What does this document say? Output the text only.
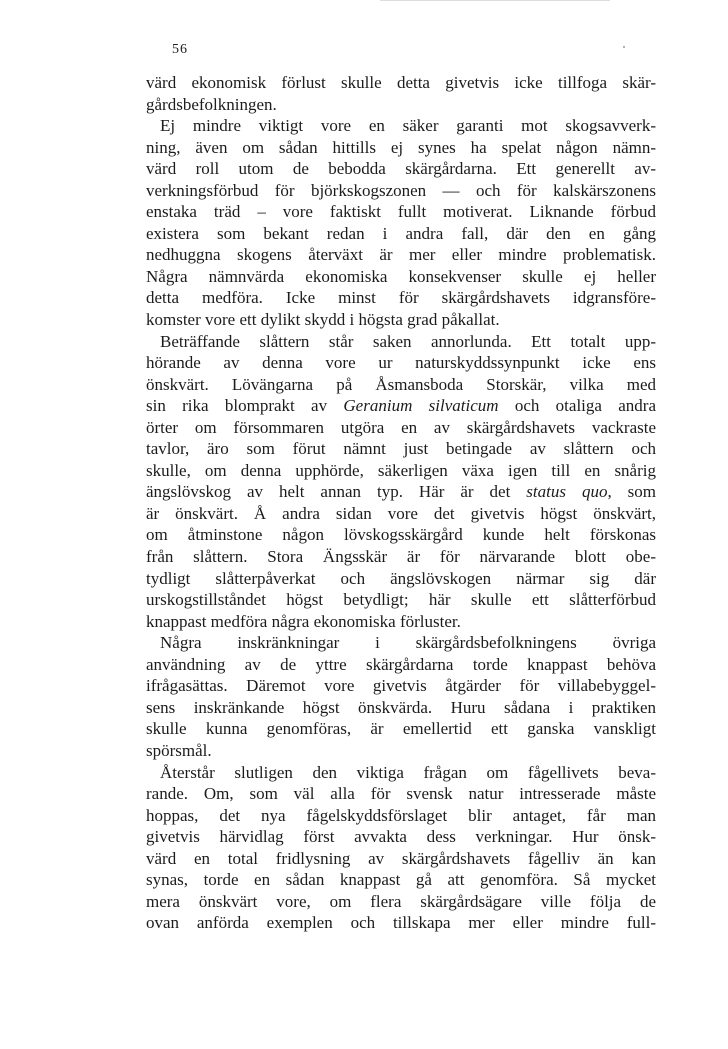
56
värd ekonomisk förlust skulle detta givetvis icke tillfoga skär-
gårdsbefolkningen.
Ej mindre viktigt vore en säker garanti mot skogsavverk-
ning, även om sådan hittills ej synes ha spelat någon nämn-
värd roll utom de bebodda skärgårdarna. Ett generellt av-
verkningsförbud för björkskogszonen — och för kalskärszonens
enstaka träd – vore faktiskt fullt motiverat. Liknande förbud
existera som bekant redan i andra fall, där den en gång
nedhuggna skogens återväxt är mer eller mindre problematisk.
Några nämnvärda ekonomiska konsekvenser skulle ej heller
detta medföra. Icke minst för skärgårdshavets idgransföre-
komster vore ett dylikt skydd i högsta grad påkallat.
Beträffande slåttern står saken annorlunda. Ett totalt upp-
hörande av denna vore ur naturskyddssynpunkt icke ens
önskvärt. Lövängarna på Åsmansboda Storskär, vilka med
sin rika blomprakt av Geranium silvaticum och otaliga andra
örter om försommaren utgöra en av skärgårdshavets vackraste
tavlor, äro som förut nämnt just betingade av slåttern och
skulle, om denna upphörde, säkerligen växa igen till en snårig
ängslövskog av helt annan typ. Här är det status quo, som
är önskvärt. Å andra sidan vore det givetvis högst önskvärt,
om åtminstone någon lövskogsskärgård kunde helt förskonas
från slåttern. Stora Ängsskär är för närvarande blott obe-
tydligt slåtterpåverkat och ängslövskogen närmar sig där
urskogstillståndet högst betydligt; här skulle ett slåtterförbud
knappast medföra några ekonomiska förluster.
Några inskränkningar i skärgårdsbefolkningens övriga
användning av de yttre skärgårdarna torde knappast behöva
ifrågasättas. Däremot vore givetvis åtgärder för villabebyggel-
sens inskränkande högst önskvärda. Huru sådana i praktiken
skulle kunna genomföras, är emellertid ett ganska vanskligt
spörsmål.
Återstår slutligen den viktiga frågan om fågellivets beva-
rande. Om, som väl alla för svensk natur intresserade måste
hoppas, det nya fågelskyddsförslaget blir antaget, får man
givetvis härvidlag först avvakta dess verkningar. Hur önsk-
värd en total fridlysning av skärgårdshavets fågelliv än kan
synas, torde en sådan knappast gå att genomföra. Så mycket
mera önskvärt vore, om flera skärgårdsägare ville följa de
ovan anförda exemplen och tillskapa mer eller mindre full-
